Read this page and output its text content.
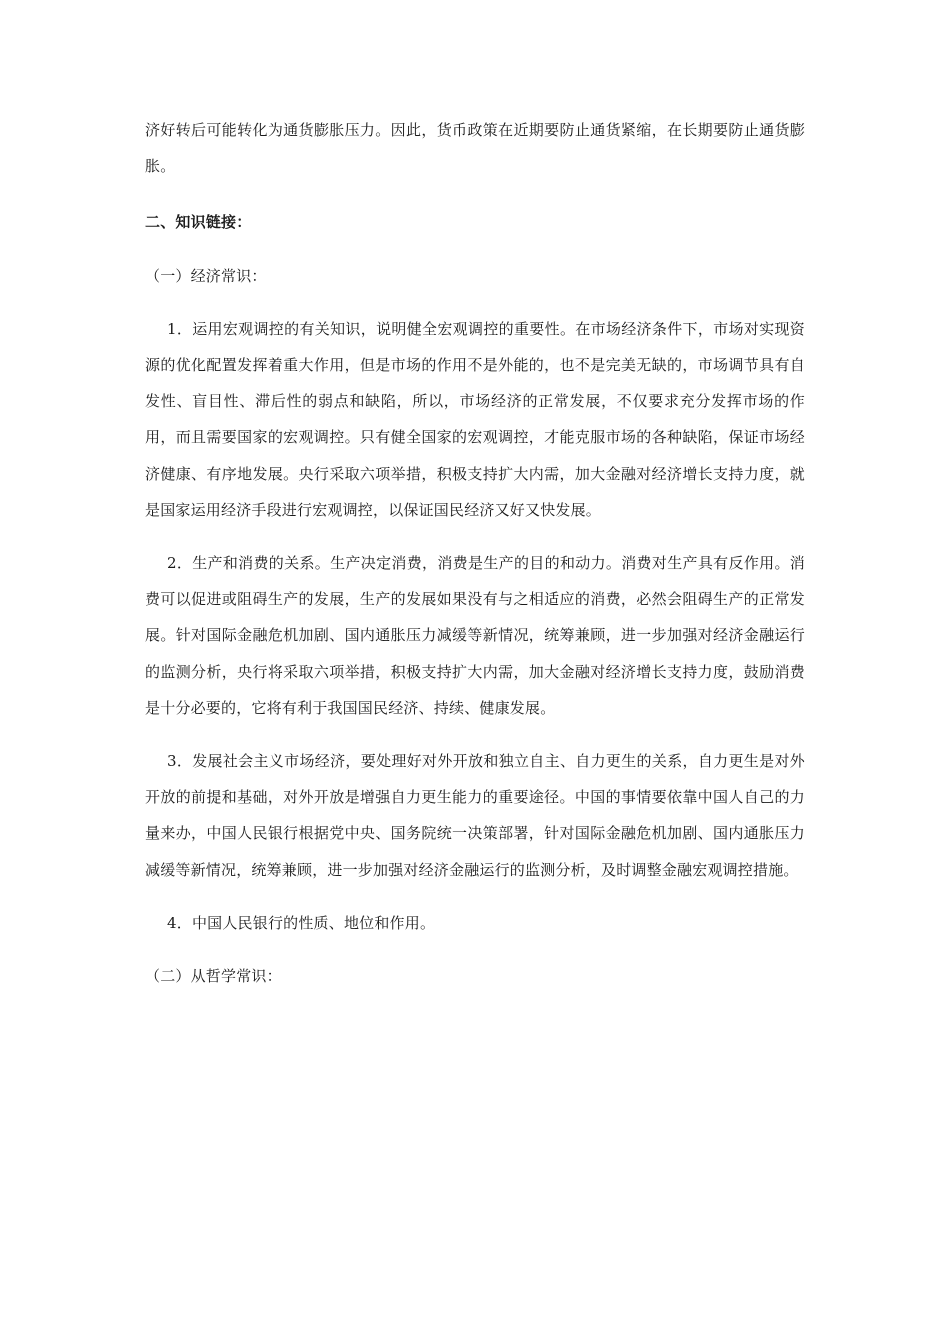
济好转后可能转化为通货膨胀压力。因此，货币政策在近期要防止通货紧缩，在长期要防止通货膨胀。

二、知识链接：

（一）经济常识：

1．运用宏观调控的有关知识，说明健全宏观调控的重要性。在市场经济条件下，市场对实现资源的优化配置发挥着重大作用，但是市场的作用不是外能的，也不是完美无缺的，市场调节具有自发性、盲目性、滞后性的弱点和缺陷，所以，市场经济的正常发展，不仅要求充分发挥市场的作用，而且需要国家的宏观调控。只有健全国家的宏观调控，才能克服市场的各种缺陷，保证市场经济健康、有序地发展。央行采取六项举措，积极支持扩大内需，加大金融对经济增长支持力度，就是国家运用经济手段进行宏观调控，以保证国民经济又好又快发展。

2．生产和消费的关系。生产决定消费，消费是生产的目的和动力。消费对生产具有反作用。消费可以促进或阻碍生产的发展，生产的发展如果没有与之相适应的消费，必然会阻碍生产的正常发展。针对国际金融危机加剧、国内通胀压力减缓等新情况，统筹兼顾，进一步加强对经济金融运行的监测分析，央行将采取六项举措，积极支持扩大内需，加大金融对经济增长支持力度，鼓励消费是十分必要的，它将有利于我国国民经济、持续、健康发展。

3．发展社会主义市场经济，要处理好对外开放和独立自主、自力更生的关系，自力更生是对外开放的前提和基础，对外开放是增强自力更生能力的重要途径。中国的事情要依靠中国人自己的力量来办，中国人民银行根据党中央、国务院统一决策部署，针对国际金融危机加剧、国内通胀压力减缓等新情况，统筹兼顾，进一步加强对经济金融运行的监测分析，及时调整金融宏观调控措施。

4．中国人民银行的性质、地位和作用。

（二）从哲学常识：
